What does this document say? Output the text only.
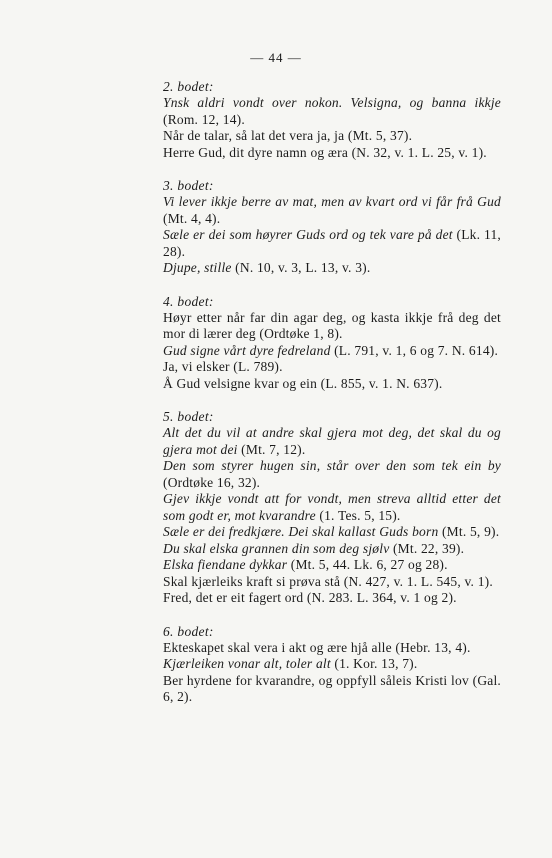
— 44 —
2. bodet:
Ynsk aldri vondt over nokon. Velsigna, og banna ikkje (Rom. 12, 14).
Når de talar, så lat det vera ja, ja (Mt. 5, 37).
Herre Gud, dit dyre namn og æra (N. 32, v. 1. L. 25, v. 1).
3. bodet:
Vi lever ikkje berre av mat, men av kvart ord vi får frå Gud (Mt. 4, 4).
Sæle er dei som høyrer Guds ord og tek vare på det (Lk. 11, 28).
Djupe, stille (N. 10, v. 3, L. 13, v. 3).
4. bodet:
Høyr etter når far din agar deg, og kasta ikkje frå deg det mor di lærer deg (Ordtøke 1, 8).
Gud signe vårt dyre fedreland (L. 791, v. 1, 6 og 7. N. 614).
Ja, vi elsker (L. 789).
Å Gud velsigne kvar og ein (L. 855, v. 1. N. 637).
5. bodet:
Alt det du vil at andre skal gjera mot deg, det skal du og gjera mot dei (Mt. 7, 12).
Den som styrer hugen sin, står over den som tek ein by (Ordtøke 16, 32).
Gjev ikkje vondt att for vondt, men streva alltid etter det som godt er, mot kvarandre (1. Tes. 5, 15).
Sæle er dei fredkjære. Dei skal kallast Guds born (Mt. 5, 9).
Du skal elska grannen din som deg sjølv (Mt. 22, 39).
Elska fiendane dykkar (Mt. 5, 44. Lk. 6, 27 og 28).
Skal kjærleiks kraft si prøva stå (N. 427, v. 1. L. 545, v. 1).
Fred, det er eit fagert ord (N. 283. L. 364, v. 1 og 2).
6. bodet:
Ekteskapet skal vera i akt og ære hjå alle (Hebr. 13, 4).
Kjærleiken vonar alt, toler alt (1. Kor. 13, 7).
Ber hyrdene for kvarandre, og oppfyll såleis Kristi lov (Gal. 6, 2).
